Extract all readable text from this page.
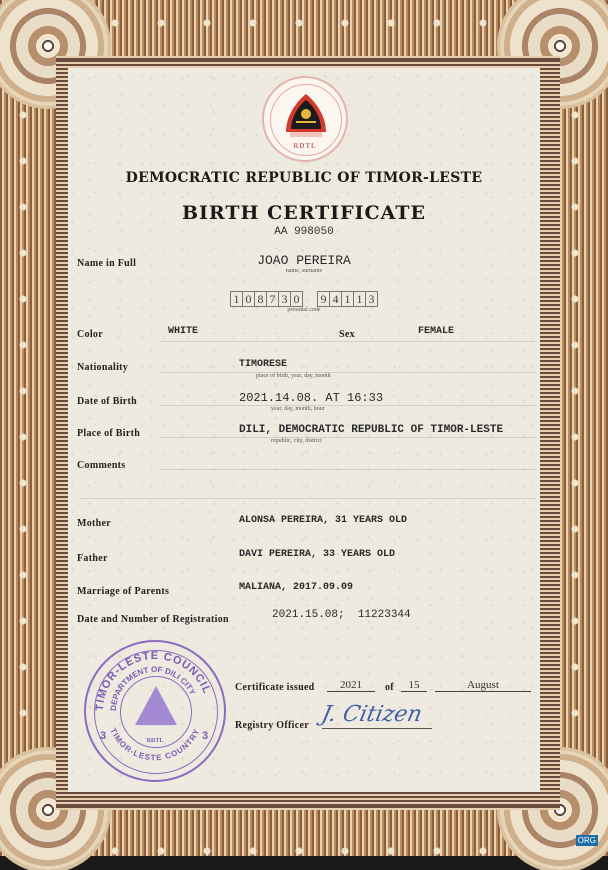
RDTL
DEMOCRATIC REPUBLIC OF TIMOR-LESTE
BIRTH CERTIFICATE
AA 998050
Name in Full	JOAO PEREIRA
name, surname
1 0 8 7 3 0 9 4 1 1 3
personal code
Color	WHITE	Sex	FEMALE
Nationality	TIMORESE
place of birth, year, day, month
Date of Birth	2021.14.08. AT 16:33
year, day, month, hour
Place of Birth	DILI, DEMOCRATIC REPUBLIC OF TIMOR-LESTE
republic, city, district
Comments
Mother	ALONSA PEREIRA, 31 YEARS OLD
Father	DAVI PEREIRA, 33 YEARS OLD
Marriage of Parents	MALIANA, 2017.09.09
Date and Number of Registration	2021.15.08;  11223344
TIMOR-LESTE COUNCIL
DEPARTMENT OF DILI CITY
TIMOR-LESTE COUNTRY
3	3
RDTL
Certificate issued	2021	of	15	August
Registry Officer J. Citizen
ORG
